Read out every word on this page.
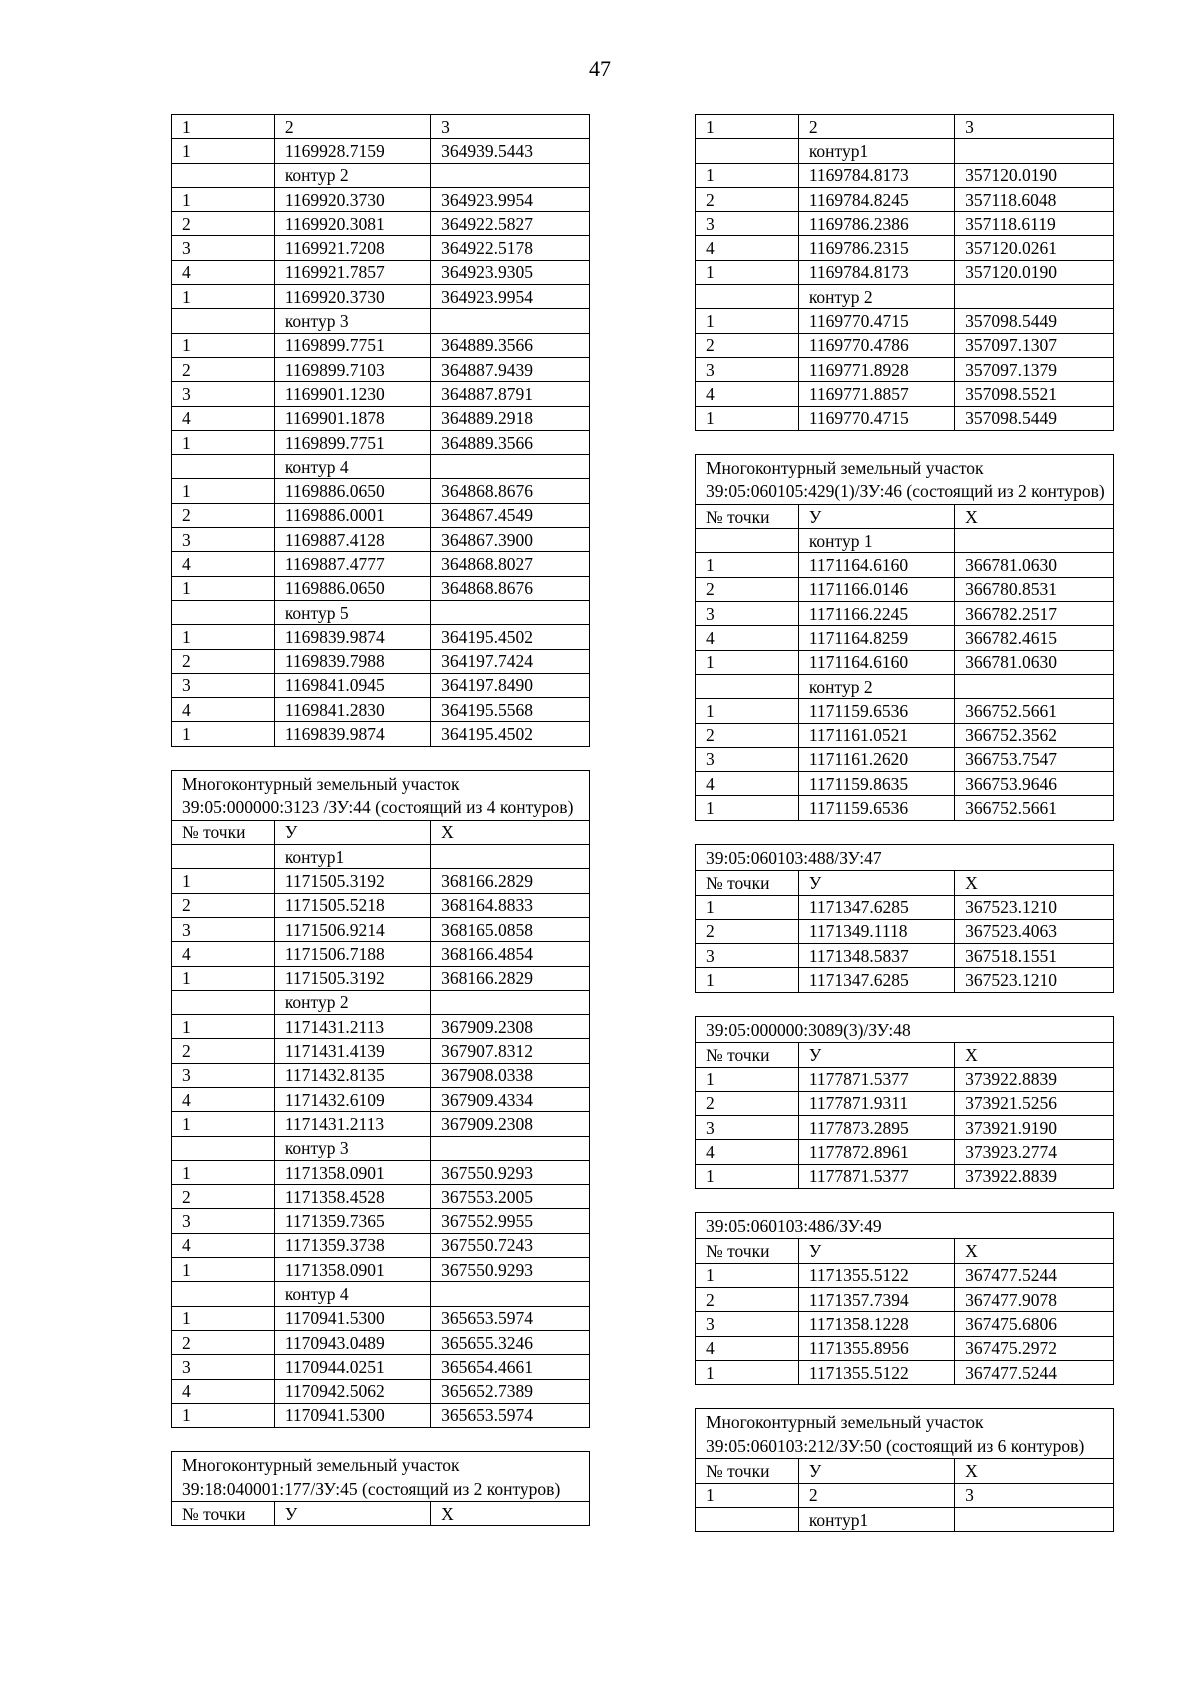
47
1	2	3
1	1169928.7159	364939.5443
	контур 2	
1	1169920.3730	364923.9954
2	1169920.3081	364922.5827
3	1169921.7208	364922.5178
4	1169921.7857	364923.9305
1	1169920.3730	364923.9954
	контур 3	
1	1169899.7751	364889.3566
2	1169899.7103	364887.9439
3	1169901.1230	364887.8791
4	1169901.1878	364889.2918
1	1169899.7751	364889.3566
	контур 4	
1	1169886.0650	364868.8676
2	1169886.0001	364867.4549
3	1169887.4128	364867.3900
4	1169887.4777	364868.8027
1	1169886.0650	364868.8676
	контур 5	
1	1169839.9874	364195.4502
2	1169839.7988	364197.7424
3	1169841.0945	364197.8490
4	1169841.2830	364195.5568
1	1169839.9874	364195.4502
Многоконтурный земельный участок 39:05:000000:3123 /ЗУ:44 (состоящий из 4 контуров)		
№ точки	У	Х
	контур1	
1	1171505.3192	368166.2829
2	1171505.5218	368164.8833
3	1171506.9214	368165.0858
4	1171506.7188	368166.4854
1	1171505.3192	368166.2829
	контур 2	
1	1171431.2113	367909.2308
2	1171431.4139	367907.8312
3	1171432.8135	367908.0338
4	1171432.6109	367909.4334
1	1171431.2113	367909.2308
	контур 3	
1	1171358.0901	367550.9293
2	1171358.4528	367553.2005
3	1171359.7365	367552.9955
4	1171359.3738	367550.7243
1	1171358.0901	367550.9293
	контур 4	
1	1170941.5300	365653.5974
2	1170943.0489	365655.3246
3	1170944.0251	365654.4661
4	1170942.5062	365652.7389
1	1170941.5300	365653.5974
Многоконтурный земельный участок 39:18:040001:177/ЗУ:45 (состоящий из 2 контуров)
№ точки	У	Х
1	2	3
	контур1	
1	1169784.8173	357120.0190
2	1169784.8245	357118.6048
3	1169786.2386	357118.6119
4	1169786.2315	357120.0261
1	1169784.8173	357120.0190
	контур 2	
1	1169770.4715	357098.5449
2	1169770.4786	357097.1307
3	1169771.8928	357097.1379
4	1169771.8857	357098.5521
1	1169770.4715	357098.5449
Многоконтурный земельный участок 39:05:060105:429(1)/ЗУ:46 (состоящий из 2 контуров)		
№ точки	У	Х
	контур 1	
1	1171164.6160	366781.0630
2	1171166.0146	366780.8531
3	1171166.2245	366782.2517
4	1171164.8259	366782.4615
1	1171164.6160	366781.0630
	контур 2	
1	1171159.6536	366752.5661
2	1171161.0521	366752.3562
3	1171161.2620	366753.7547
4	1171159.8635	366753.9646
1	1171159.6536	366752.5661
39:05:060103:488/ЗУ:47		
№ точки	У	Х
1	1171347.6285	367523.1210
2	1171349.1118	367523.4063
3	1171348.5837	367518.1551
1	1171347.6285	367523.1210
39:05:000000:3089(3)/ЗУ:48		
№ точки	У	Х
1	1177871.5377	373922.8839
2	1177871.9311	373921.5256
3	1177873.2895	373921.9190
4	1177872.8961	373923.2774
1	1177871.5377	373922.8839
39:05:060103:486/ЗУ:49		
№ точки	У	Х
1	1171355.5122	367477.5244
2	1171357.7394	367477.9078
3	1171358.1228	367475.6806
4	1171355.8956	367475.2972
1	1171355.5122	367477.5244
Многоконтурный земельный участок 39:05:060103:212/ЗУ:50 (состоящий из 6 контуров)		
№ точки	У	Х
1	2	3
	контур1	
